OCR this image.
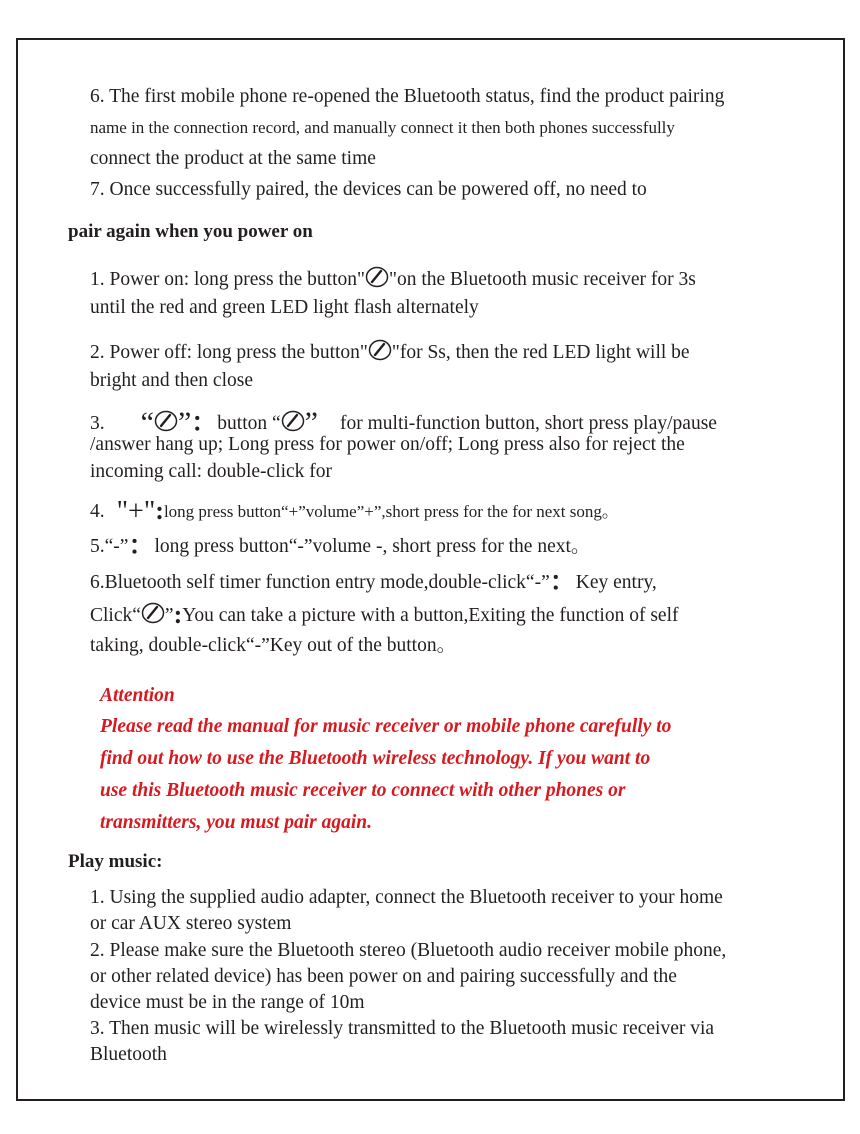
6. The first mobile phone re-opened the Bluetooth status, find the product pairing
name in the connection record, and manually connect it then both phones successfully
connect the product at the same time
7. Once successfully paired, the devices can be powered off, no need to
pair again when you power on
1. Power on: long press the button" "on the Bluetooth music receiver for 3s
until the red and green LED light flash alternately
2. Power off: long press the button" "for Ss, then the red LED light will be
bright and then close
3. “ ”：button “ ” for multi-function button, short press play/pause
/answer hang up; Long press for power on/off; Long press also for reject the
incoming call: double-click for
4. "+":long press button“+”volume”+”,short press for the for next song。
5.“-”：long press button“-”volume -, short press for the next。
6.Bluetooth self timer function entry mode,double-click“-”：Key entry,
Click“ ”:You can take a picture with a button,Exiting the function of self
taking, double-click“-”Key out of the button。
Attention
Please read the manual for music receiver or mobile phone carefully to
find out how to use the Bluetooth wireless technology. If you want to
use this Bluetooth music receiver to connect with other phones or
transmitters, you must pair again.
Play music:
1. Using the supplied audio adapter, connect the Bluetooth receiver to your home
or car AUX stereo system
2. Please make sure the Bluetooth stereo (Bluetooth audio receiver mobile phone,
or other related device) has been power on and pairing successfully and the
device must be in the range of 10m
3. Then music will be wirelessly transmitted to the Bluetooth music receiver via
Bluetooth
